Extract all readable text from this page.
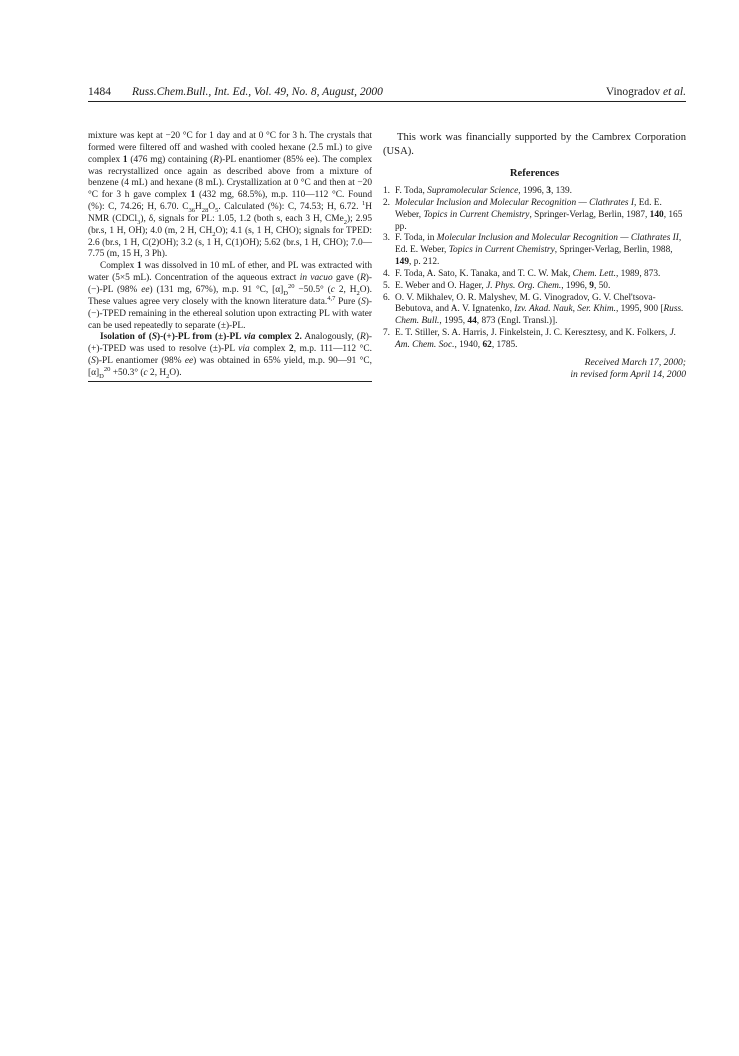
1484 Russ.Chem.Bull., Int. Ed., Vol. 49, No. 8, August, 2000	Vinogradov et al.

mixture was kept at −20 °C for 1 day and at 0 °C for 3 h. The crystals that formed were filtered off and washed with cooled hexane (2.5 mL) to give complex 1 (476 mg) containing (R)-PL enantiomer (85% ee). The complex was recrystallized once again as described above from a mixture of benzene (4 mL) and hexane (8 mL). Crystallization at 0 °C and then at −20 °C for 3 h gave complex 1 (432 mg, 68.5%), m.p. 110—112 °C. Found (%): C, 74.26; H, 6.70. $C_{36}H_{28}O_5$. Calculated (%): C, 74.53; H, 6.72. $^1$H NMR (CDCl$_3$), δ, signals for PL: 1.05, 1.2 (both s, each 3 H, CMe$_2$); 2.95 (br.s, 1 H, OH); 4.0 (m, 2 H, $CH_2O$); 4.1 (s, 1 H, CHO); signals for TPED: 2.6 (br.s, 1 H, C(2)OH); 3.2 (s, 1 H, C(1)OH); 5.62 (br.s, 1 H, CHO); 7.0—7.75 (m, 15 H, 3 Ph).

Complex 1 was dissolved in 10 mL of ether, and PL was extracted with water (5×5 mL). Concentration of the aqueous extract in vacuo gave (R)-(−)-PL (98% ee) (131 mg, 67%), m.p. 91 °C, $[\alpha]_D^{20} -50.5^\circ$ (c 2, $H_2O$). These values agree very closely with the known literature data.$^{4,7}$ Pure (S)-(−)-TPED remaining in the ethereal solution upon extracting PL with water can be used repeatedly to separate (±)-PL.

Isolation of (S)-(+)-PL from (±)-PL via complex 2. Analogously, (R)-(+)-TPED was used to resolve (±)-PL via complex 2, m.p. 111—112 °C. (S)-PL enantiomer (98% ee) was obtained in 65% yield, m.p. 90—91 °C, $[\alpha]_D^{20} +50.3^\circ$ (c 2, $H_2O$).

This work was financially supported by the Cambrex Corporation (USA).

References
1. F. Toda, Supramolecular Science, 1996, 3, 139.
2. Molecular Inclusion and Molecular Recognition — Clathrates I, Ed. E. Weber, Topics in Current Chemistry, Springer-Verlag, Berlin, 1987, 140, 165 pp.
3. F. Toda, in Molecular Inclusion and Molecular Recognition — Clathrates II, Ed. E. Weber, Topics in Current Chemistry, Springer-Verlag, Berlin, 1988, 149, p. 212.
4. F. Toda, A. Sato, K. Tanaka, and T. C. W. Mak, Chem. Lett., 1989, 873.
5. E. Weber and O. Hager, J. Phys. Org. Chem., 1996, 9, 50.
6. O. V. Mikhalev, O. R. Malyshev, M. G. Vinogradov, G. V. Chel'tsova-Bebutova, and A. V. Ignatenko, Izv. Akad. Nauk, Ser. Khim., 1995, 900 [Russ. Chem. Bull., 1995, 44, 873 (Engl. Transl.)].
7. E. T. Stiller, S. A. Harris, J. Finkelstein, J. C. Keresztesy, and K. Folkers, J. Am. Chem. Soc., 1940, 62, 1785.
Received March 17, 2000;
in revised form April 14, 2000
